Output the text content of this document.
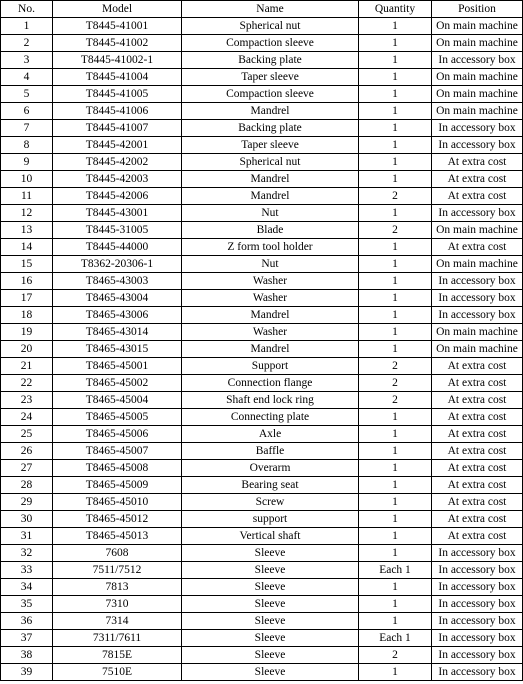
No.	Model	Name	Quantity	Position
1	T8445-41001	Spherical nut	1	On main machine
2	T8445-41002	Compaction sleeve	1	On main machine
3	T8445-41002-1	Backing plate	1	In accessory box
4	T8445-41004	Taper sleeve	1	On main machine
5	T8445-41005	Compaction sleeve	1	On main machine
6	T8445-41006	Mandrel	1	On main machine
7	T8445-41007	Backing plate	1	In accessory box
8	T8445-42001	Taper sleeve	1	In accessory box
9	T8445-42002	Spherical nut	1	At extra cost
10	T8445-42003	Mandrel	1	At extra cost
11	T8445-42006	Mandrel	2	At extra cost
12	T8445-43001	Nut	1	In accessory box
13	T8445-31005	Blade	2	On main machine
14	T8445-44000	Z form tool holder	1	At extra cost
15	T8362-20306-1	Nut	1	On main machine
16	T8465-43003	Washer	1	In accessory box
17	T8465-43004	Washer	1	In accessory box
18	T8465-43006	Mandrel	1	In accessory box
19	T8465-43014	Washer	1	On main machine
20	T8465-43015	Mandrel	1	On main machine
21	T8465-45001	Support	2	At extra cost
22	T8465-45002	Connection flange	2	At extra cost
23	T8465-45004	Shaft end lock ring	2	At extra cost
24	T8465-45005	Connecting plate	1	At extra cost
25	T8465-45006	Axle	1	At extra cost
26	T8465-45007	Baffle	1	At extra cost
27	T8465-45008	Overarm	1	At extra cost
28	T8465-45009	Bearing seat	1	At extra cost
29	T8465-45010	Screw	1	At extra cost
30	T8465-45012	support	1	At extra cost
31	T8465-45013	Vertical shaft	1	At extra cost
32	7608	Sleeve	1	In accessory box
33	7511/7512	Sleeve	Each 1	In accessory box
34	7813	Sleeve	1	In accessory box
35	7310	Sleeve	1	In accessory box
36	7314	Sleeve	1	In accessory box
37	7311/7611	Sleeve	Each 1	In accessory box
38	7815E	Sleeve	2	In accessory box
39	7510E	Sleeve	1	In accessory box
